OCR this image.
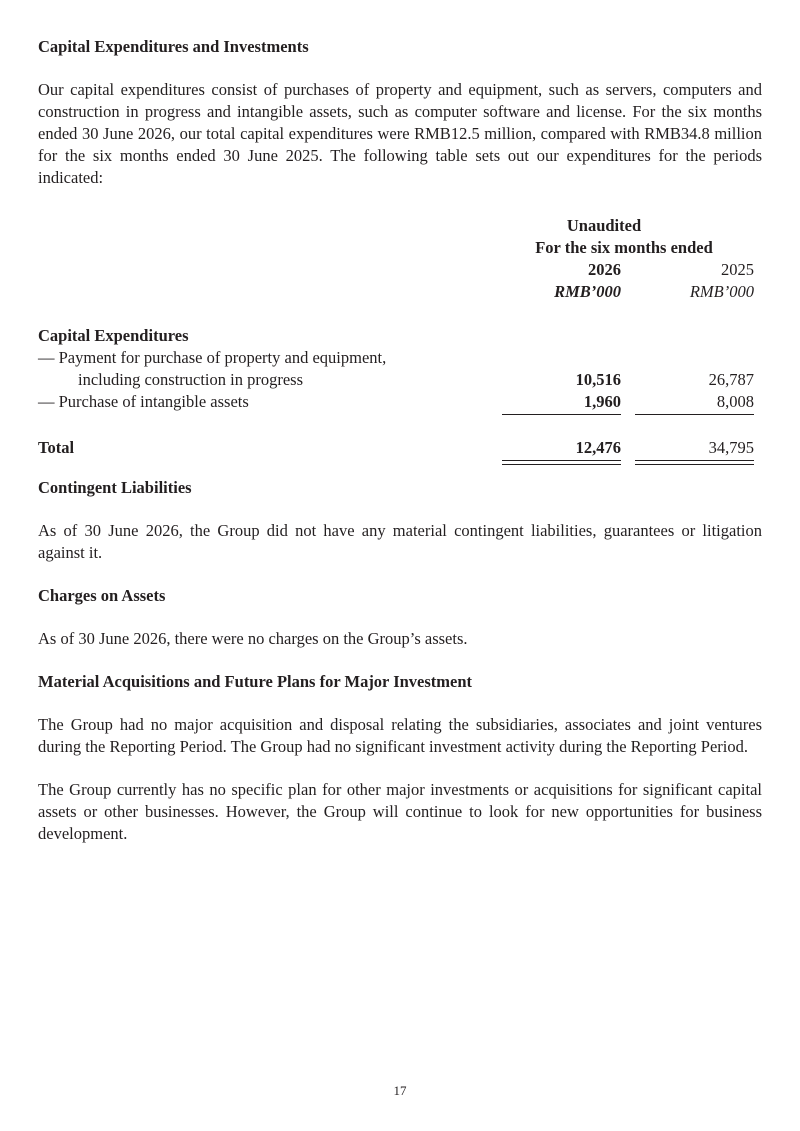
Capital Expenditures and Investments

Our capital expenditures consist of purchases of property and equipment, such as servers, computers and construction in progress and intangible assets, such as computer software and license. For the six months ended 30 June 2026, our total capital expenditures were RMB12.5 million, compared with RMB34.8 million for the six months ended 30 June 2025. The following table sets out our expenditures for the periods indicated:

Unaudited
For the six months ended
2026	2025
RMB’000	RMB’000
Capital Expenditures
— Payment for purchase of property and equipment,
including construction in progress	10,516	26,787
— Purchase of intangible assets	1,960	8,008
Total	12,476	34,795
Contingent Liabilities

As of 30 June 2026, the Group did not have any material contingent liabilities, guarantees or litigation against it.

Charges on Assets

As of 30 June 2026, there were no charges on the Group’s assets.

Material Acquisitions and Future Plans for Major Investment

The Group had no major acquisition and disposal relating the subsidiaries, associates and joint ventures during the Reporting Period. The Group had no significant investment activity during the Reporting Period.

The Group currently has no specific plan for other major investments or acquisitions for significant capital assets or other businesses. However, the Group will continue to look for new opportunities for business development.

17
